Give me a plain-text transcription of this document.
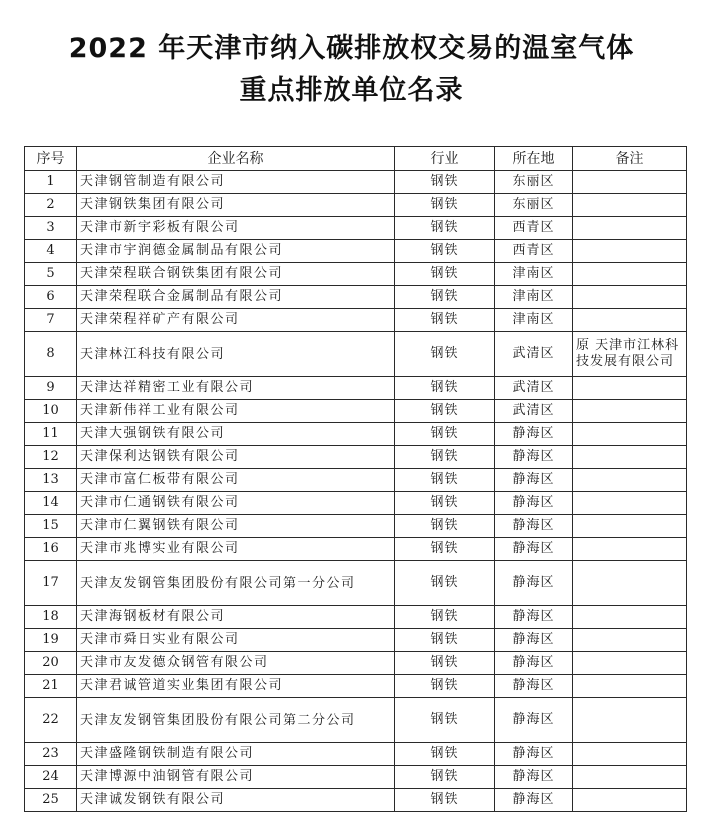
2022 年天津市纳入碳排放权交易的温室气体
重点排放单位名录
序号	企业名称	行业	所在地	备注
1	天津钢管制造有限公司	钢铁	东丽区	
2	天津钢铁集团有限公司	钢铁	东丽区	
3	天津市新宇彩板有限公司	钢铁	西青区	
4	天津市宇润德金属制品有限公司	钢铁	西青区	
5	天津荣程联合钢铁集团有限公司	钢铁	津南区	
6	天津荣程联合金属制品有限公司	钢铁	津南区	
7	天津荣程祥矿产有限公司	钢铁	津南区	
8	天津林江科技有限公司	钢铁	武清区	原 天津市江林科技发展有限公司
9	天津达祥精密工业有限公司	钢铁	武清区	
10	天津新伟祥工业有限公司	钢铁	武清区	
11	天津大强钢铁有限公司	钢铁	静海区	
12	天津保利达钢铁有限公司	钢铁	静海区	
13	天津市富仁板带有限公司	钢铁	静海区	
14	天津市仁通钢铁有限公司	钢铁	静海区	
15	天津市仁翼钢铁有限公司	钢铁	静海区	
16	天津市兆博实业有限公司	钢铁	静海区	
17	天津友发钢管集团股份有限公司第一分公司	钢铁	静海区	
18	天津海钢板材有限公司	钢铁	静海区	
19	天津市舜日实业有限公司	钢铁	静海区	
20	天津市友发德众钢管有限公司	钢铁	静海区	
21	天津君诚管道实业集团有限公司	钢铁	静海区	
22	天津友发钢管集团股份有限公司第二分公司	钢铁	静海区	
23	天津盛隆钢铁制造有限公司	钢铁	静海区	
24	天津博源中油钢管有限公司	钢铁	静海区	
25	天津诚发钢铁有限公司	钢铁	静海区	
